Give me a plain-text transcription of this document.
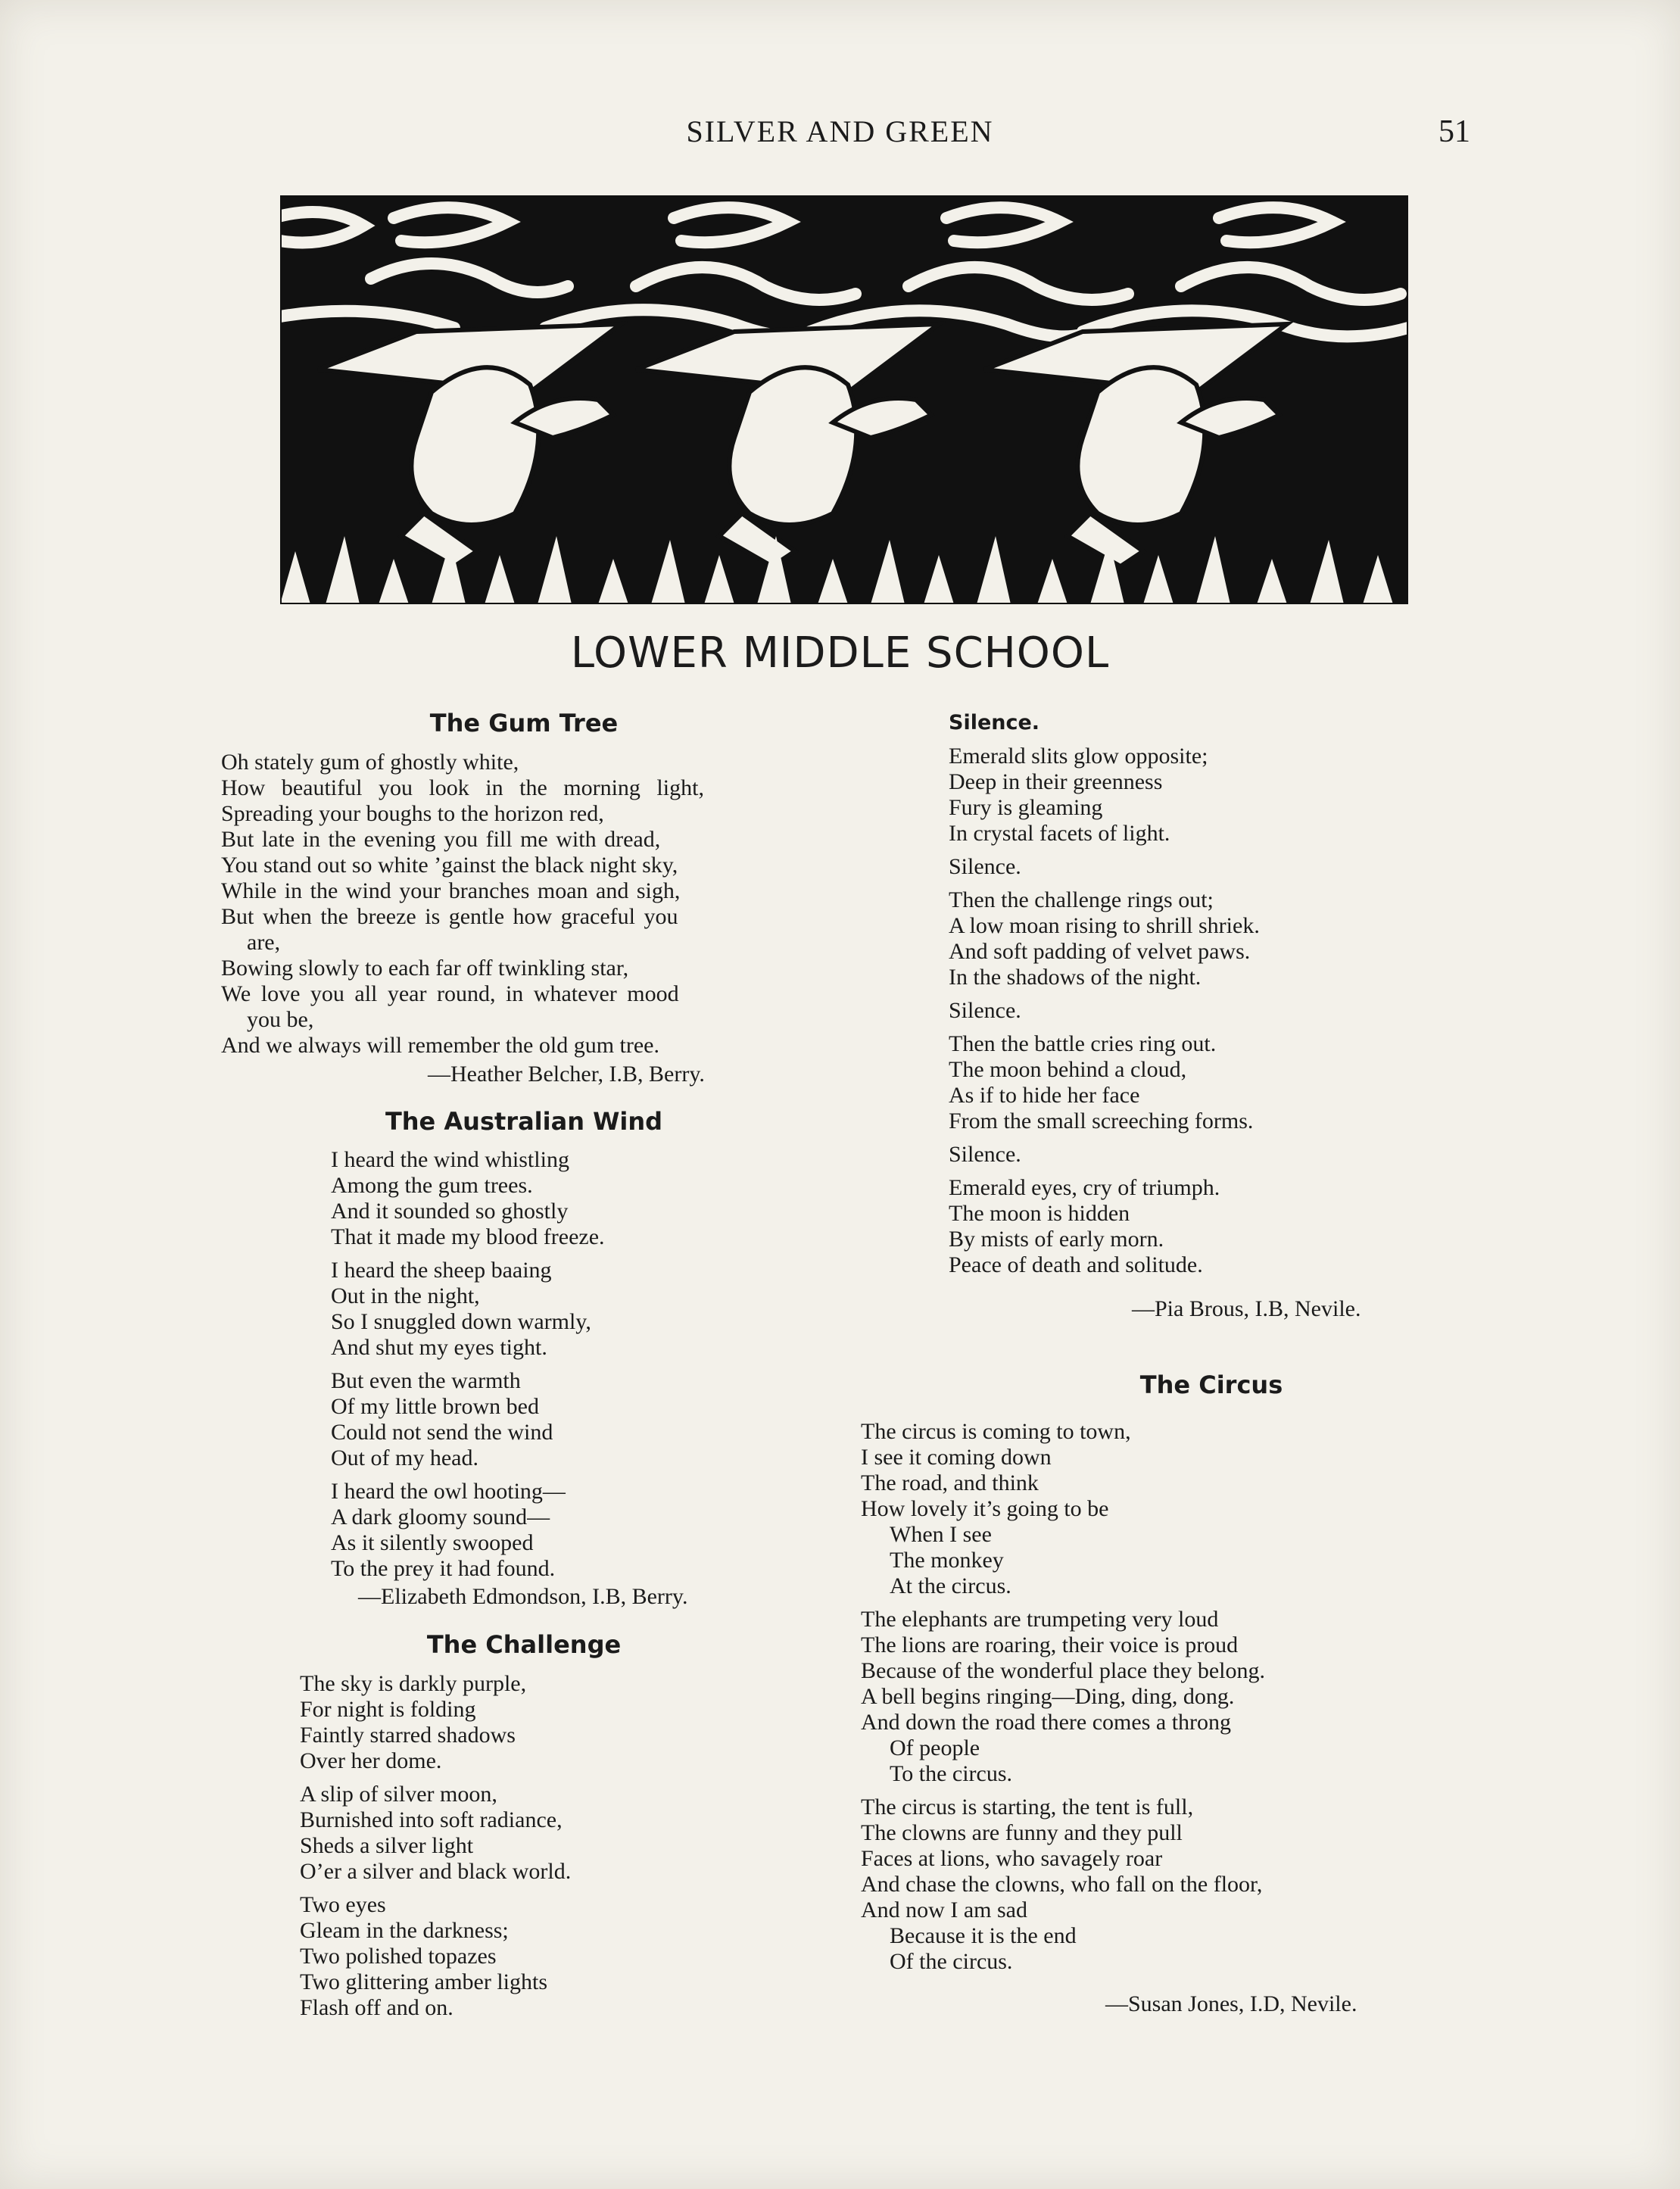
SILVER AND GREEN	51
LOWER MIDDLE SCHOOL
The Gum Tree
Oh stately gum of ghostly white,
How beautiful you look in the morning light,
Spreading your boughs to the horizon red,
But late in the evening you fill me with dread,
You stand out so white ’gainst the black night sky,
While in the wind your branches moan and sigh,
But when the breeze is gentle how graceful you
are,
Bowing slowly to each far off twinkling star,
We love you all year round, in whatever mood
you be,
And we always will remember the old gum tree.
—Heather Belcher, I.B, Berry.
The Australian Wind
I heard the wind whistling
Among the gum trees.
And it sounded so ghostly
That it made my blood freeze.
I heard the sheep baaing
Out in the night,
So I snuggled down warmly,
And shut my eyes tight.
But even the warmth
Of my little brown bed
Could not send the wind
Out of my head.
I heard the owl hooting—
A dark gloomy sound—
As it silently swooped
To the prey it had found.
—Elizabeth Edmondson, I.B, Berry.
The Challenge
The sky is darkly purple,
For night is folding
Faintly starred shadows
Over her dome.
A slip of silver moon,
Burnished into soft radiance,
Sheds a silver light
O’er a silver and black world.
Two eyes
Gleam in the darkness;
Two polished topazes
Two glittering amber lights
Flash off and on.
Silence.
Emerald slits glow opposite;
Deep in their greenness
Fury is gleaming
In crystal facets of light.
Silence.
Then the challenge rings out;
A low moan rising to shrill shriek.
And soft padding of velvet paws.
In the shadows of the night.
Silence.
Then the battle cries ring out.
The moon behind a cloud,
As if to hide her face
From the small screeching forms.
Silence.
Emerald eyes, cry of triumph.
The moon is hidden
By mists of early morn.
Peace of death and solitude.
—Pia Brous, I.B, Nevile.
The Circus
The circus is coming to town,
I see it coming down
The road, and think
How lovely it’s going to be
When I see
The monkey
At the circus.
The elephants are trumpeting very loud
The lions are roaring, their voice is proud
Because of the wonderful place they belong.
A bell begins ringing—Ding, ding, dong.
And down the road there comes a throng
Of people
To the circus.
The circus is starting, the tent is full,
The clowns are funny and they pull
Faces at lions, who savagely roar
And chase the clowns, who fall on the floor,
And now I am sad
Because it is the end
Of the circus.
—Susan Jones, I.D, Nevile.
